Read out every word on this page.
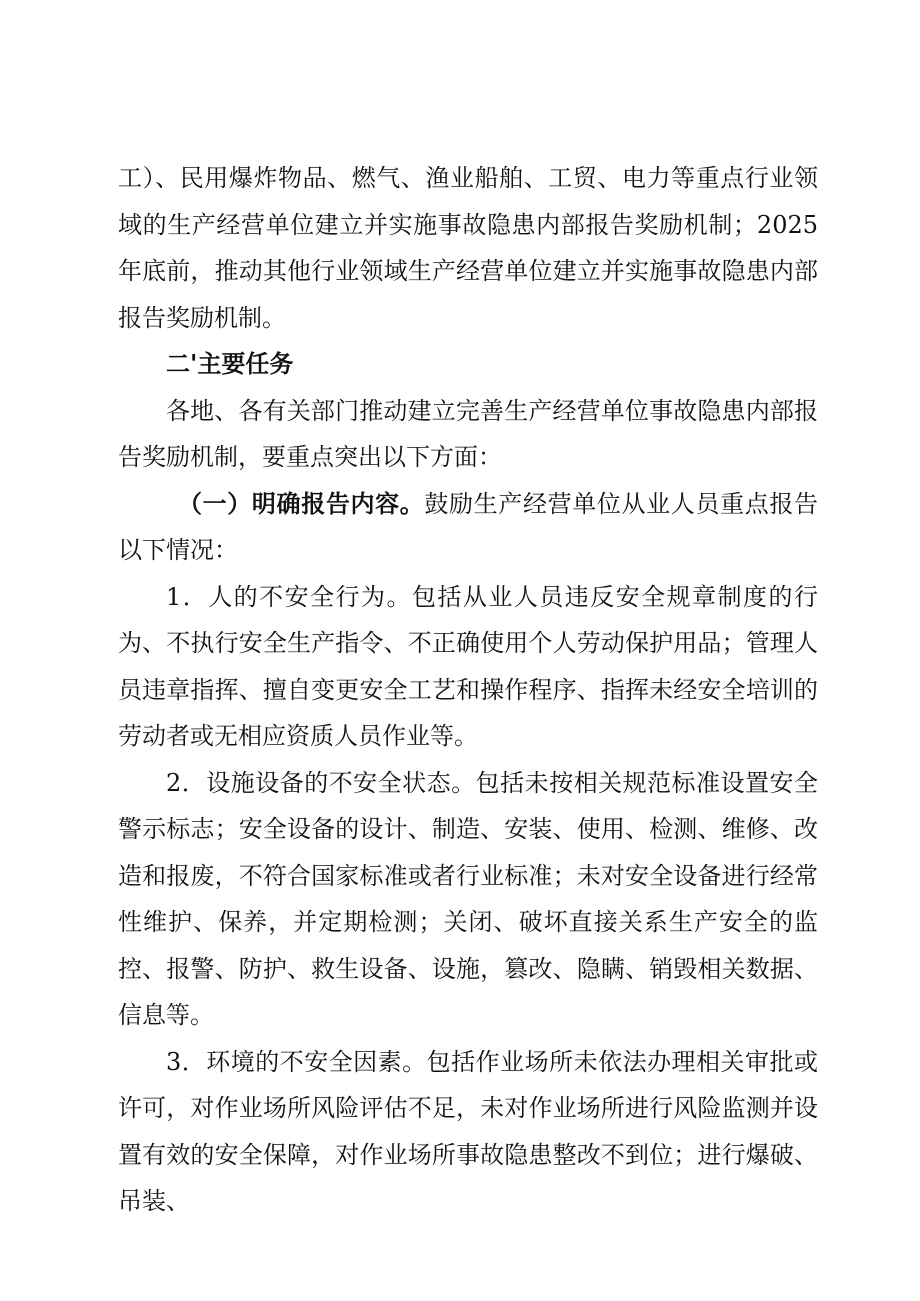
工）、民用爆炸物品、燃气、渔业船舶、工贸、电力等重点行业领域的生产经营单位建立并实施事故隐患内部报告奖励机制；2025年底前，推动其他行业领域生产经营单位建立并实施事故隐患内部报告奖励机制。

二'主要任务

各地、各有关部门推动建立完善生产经营单位事故隐患内部报告奖励机制，要重点突出以下方面：

（一）明确报告内容。鼓励生产经营单位从业人员重点报告以下情况：

1．人的不安全行为。包括从业人员违反安全规章制度的行为、不执行安全生产指令、不正确使用个人劳动保护用品；管理人员违章指挥、擅自变更安全工艺和操作程序、指挥未经安全培训的劳动者或无相应资质人员作业等。

2．设施设备的不安全状态。包括未按相关规范标准设置安全警示标志；安全设备的设计、制造、安装、使用、检测、维修、改造和报废，不符合国家标准或者行业标准；未对安全设备进行经常性维护、保养，并定期检测；关闭、破坏直接关系生产安全的监控、报警、防护、救生设备、设施，篡改、隐瞒、销毁相关数据、信息等。

3．环境的不安全因素。包括作业场所未依法办理相关审批或许可，对作业场所风险评估不足，未对作业场所进行风险监测并设置有效的安全保障，对作业场所事故隐患整改不到位；进行爆破、吊装、
